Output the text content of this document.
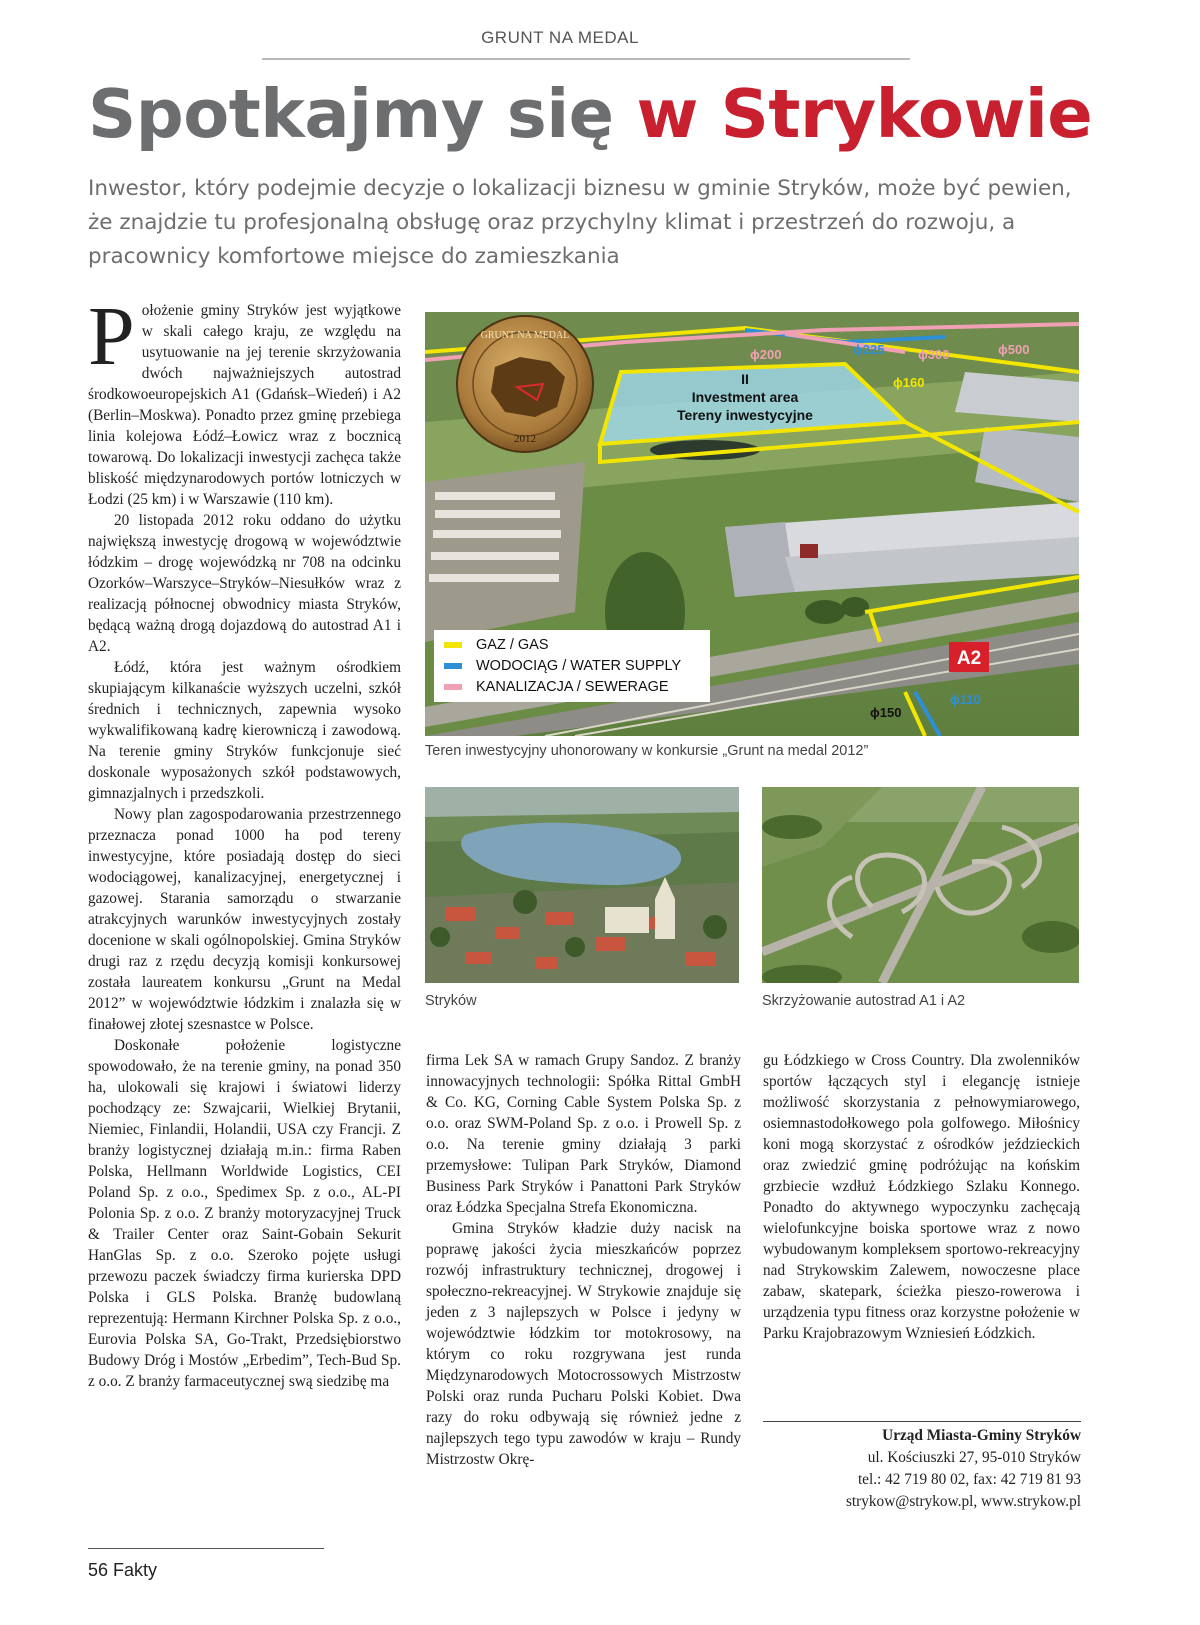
GRUNT NA MEDAL
Spotkajmy się w Strykowie
Inwestor, który podejmie decyzje o lokalizacji biznesu w gminie Stryków, może być pewien, że znajdzie tu profesjonalną obsługę oraz przychylny klimat i przestrzeń do rozwoju, a pracownicy komfortowe miejsce do zamieszkania

Położenie gminy Stryków jest wyjątkowe w skali całego kraju, ze względu na usytuowanie na jej terenie skrzyżowania dwóch najważniejszych autostrad środkowoeuropejskich A1 (Gdańsk–Wiedeń) i A2 (Berlin–Moskwa). Ponadto przez gminę przebiega linia kolejowa Łódź–Łowicz wraz z bocznicą towarową. Do lokalizacji inwestycji zachęca także bliskość międzynarodowych portów lotniczych w Łodzi (25 km) i w Warszawie (110 km).

20 listopada 2012 roku oddano do użytku największą inwestycję drogową w województwie łódzkim – drogę wojewódzką nr 708 na odcinku Ozorków–Warszyce–Stryków–Niesułków wraz z realizacją północnej obwodnicy miasta Stryków, będącą ważną drogą dojazdową do autostrad A1 i A2.

Łódź, która jest ważnym ośrodkiem skupiającym kilkanaście wyższych uczelni, szkół średnich i technicznych, zapewnia wysoko wykwalifikowaną kadrę kierowniczą i zawodową. Na terenie gminy Stryków funkcjonuje sieć doskonale wyposażonych szkół podstawowych, gimnazjalnych i przedszkoli.

Nowy plan zagospodarowania przestrzennego przeznacza ponad 1000 ha pod tereny inwestycyjne, które posiadają dostęp do sieci wodociągowej, kanalizacyjnej, energetycznej i gazowej. Starania samorządu o stwarzanie atrakcyjnych warunków inwestycyjnych zostały docenione w skali ogólnopolskiej. Gmina Stryków drugi raz z rzędu decyzją komisji konkursowej została laureatem konkursu „Grunt na Medal 2012” w województwie łódzkim i znalazła się w finałowej złotej szesnastce w Polsce.

Doskonałe położenie logistyczne spowodowało, że na terenie gminy, na ponad 350 ha, ulokowali się krajowi i światowi liderzy pochodzący ze: Szwajcarii, Wielkiej Brytanii, Niemiec, Finlandii, Holandii, USA czy Francji. Z branży logistycznej działają m.in.: firma Raben Polska, Hellmann Worldwide Logistics, CEI Poland Sp. z o.o., Spedimex Sp. z o.o., AL-PI Polonia Sp. z o.o. Z branży motoryzacyjnej Truck & Trailer Center oraz Saint-Gobain Sekurit HanGlas Sp. z o.o. Szeroko pojęte usługi przewozu paczek świadczy firma kurierska DPD Polska i GLS Polska. Branżę budowlaną reprezentują: Hermann Kirchner Polska Sp. z o.o., Eurovia Polska SA, Go-Trakt, Przedsiębiorstwo Budowy Dróg i Mostów „Erbedim”, Tech-Bud Sp. z o.o. Z branży farmaceutycznej swą siedzibę ma

2012
GRUNT NA MEDAL
II
Investment area
Tereny inwestycyjne
ϕ200	ϕ225	ϕ300	ϕ500
ϕ160
ϕ150
ϕ110
A2
GAZ / GAS
WODOCIĄG / WATER SUPPLY
KANALIZACJA / SEWERAGE
Teren inwestycyjny uhonorowany w konkursie „Grunt na medal 2012”
Stryków	Skrzyżowanie autostrad A1 i A2

firma Lek SA w ramach Grupy Sandoz. Z branży innowacyjnych technologii: Spółka Rittal GmbH & Co. KG, Corning Cable System Polska Sp. z o.o. oraz SWM-Poland Sp. z o.o. i Prowell Sp. z o.o. Na terenie gminy działają 3 parki przemysłowe: Tulipan Park Stryków, Diamond Business Park Stryków i Panattoni Park Stryków oraz Łódzka Specjalna Strefa Ekonomiczna.

Gmina Stryków kładzie duży nacisk na poprawę jakości życia mieszkańców poprzez rozwój infrastruktury technicznej, drogowej i społeczno-rekreacyjnej. W Strykowie znajduje się jeden z 3 najlepszych w Polsce i jedyny w województwie łódzkim tor motokrosowy, na którym co roku rozgrywana jest runda Międzynarodowych Motocrossowych Mistrzostw Polski oraz runda Pucharu Polski Kobiet. Dwa razy do roku odbywają się również jedne z najlepszych tego typu zawodów w kraju – Rundy Mistrzostw Okrę-

gu Łódzkiego w Cross Country. Dla zwolenników sportów łączących styl i elegancję istnieje możliwość skorzystania z pełnowymiarowego, osiemnastodołkowego pola golfowego. Miłośnicy koni mogą skorzystać z ośrodków jeździeckich oraz zwiedzić gminę podróżując na końskim grzbiecie wzdłuż Łódzkiego Szlaku Konnego. Ponadto do aktywnego wypoczynku zachęcają wielofunkcyjne boiska sportowe wraz z nowo wybudowanym kompleksem sportowo-rekreacyjny nad Strykowskim Zalewem, nowoczesne place zabaw, skatepark, ścieżka pieszo-rowerowa i urządzenia typu fitness oraz korzystne położenie w Parku Krajobrazowym Wzniesień Łódzkich.

Urząd Miasta-Gminy Stryków
ul. Kościuszki 27, 95-010 Stryków
tel.: 42 719 80 02, fax: 42 719 81 93
strykow@strykow.pl, www.strykow.pl
56 Fakty
